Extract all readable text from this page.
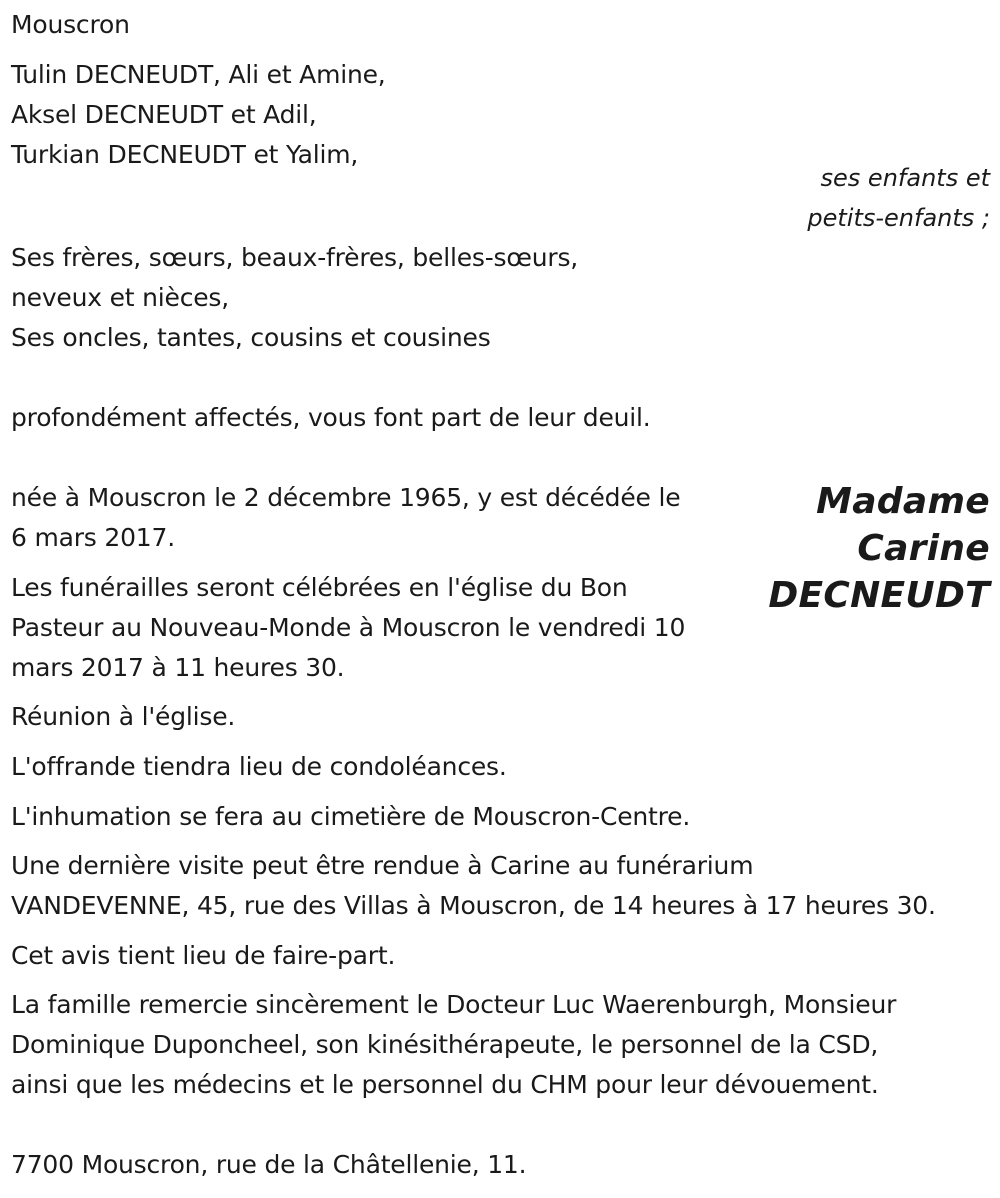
Mouscron
Tulin DECNEUDT, Ali et Amine,
Aksel DECNEUDT et Adil,
Turkian DECNEUDT et Yalim,
ses enfants et
petits-enfants ;
Ses frères, sœurs, beaux-frères, belles-sœurs,
neveux et nièces,
Ses oncles, tantes, cousins et cousines
profondément affectés, vous font part de leur deuil.
Madame
Carine
DECNEUDT
née à Mouscron le 2 décembre 1965, y est décédée le
6 mars 2017.
Les funérailles seront célébrées en l'église du Bon
Pasteur au Nouveau-Monde à Mouscron le vendredi 10
mars 2017 à 11 heures 30.
Réunion à l'église.
L'offrande tiendra lieu de condoléances.
L'inhumation se fera au cimetière de Mouscron-Centre.
Une dernière visite peut être rendue à Carine au funérarium
VANDEVENNE, 45, rue des Villas à Mouscron, de 14 heures à 17 heures 30.
Cet avis tient lieu de faire-part.
La famille remercie sincèrement le Docteur Luc Waerenburgh, Monsieur
Dominique Duponcheel, son kinésithérapeute, le personnel de la CSD,
ainsi que les médecins et le personnel du CHM pour leur dévouement.
7700 Mouscron, rue de la Châtellenie, 11.
